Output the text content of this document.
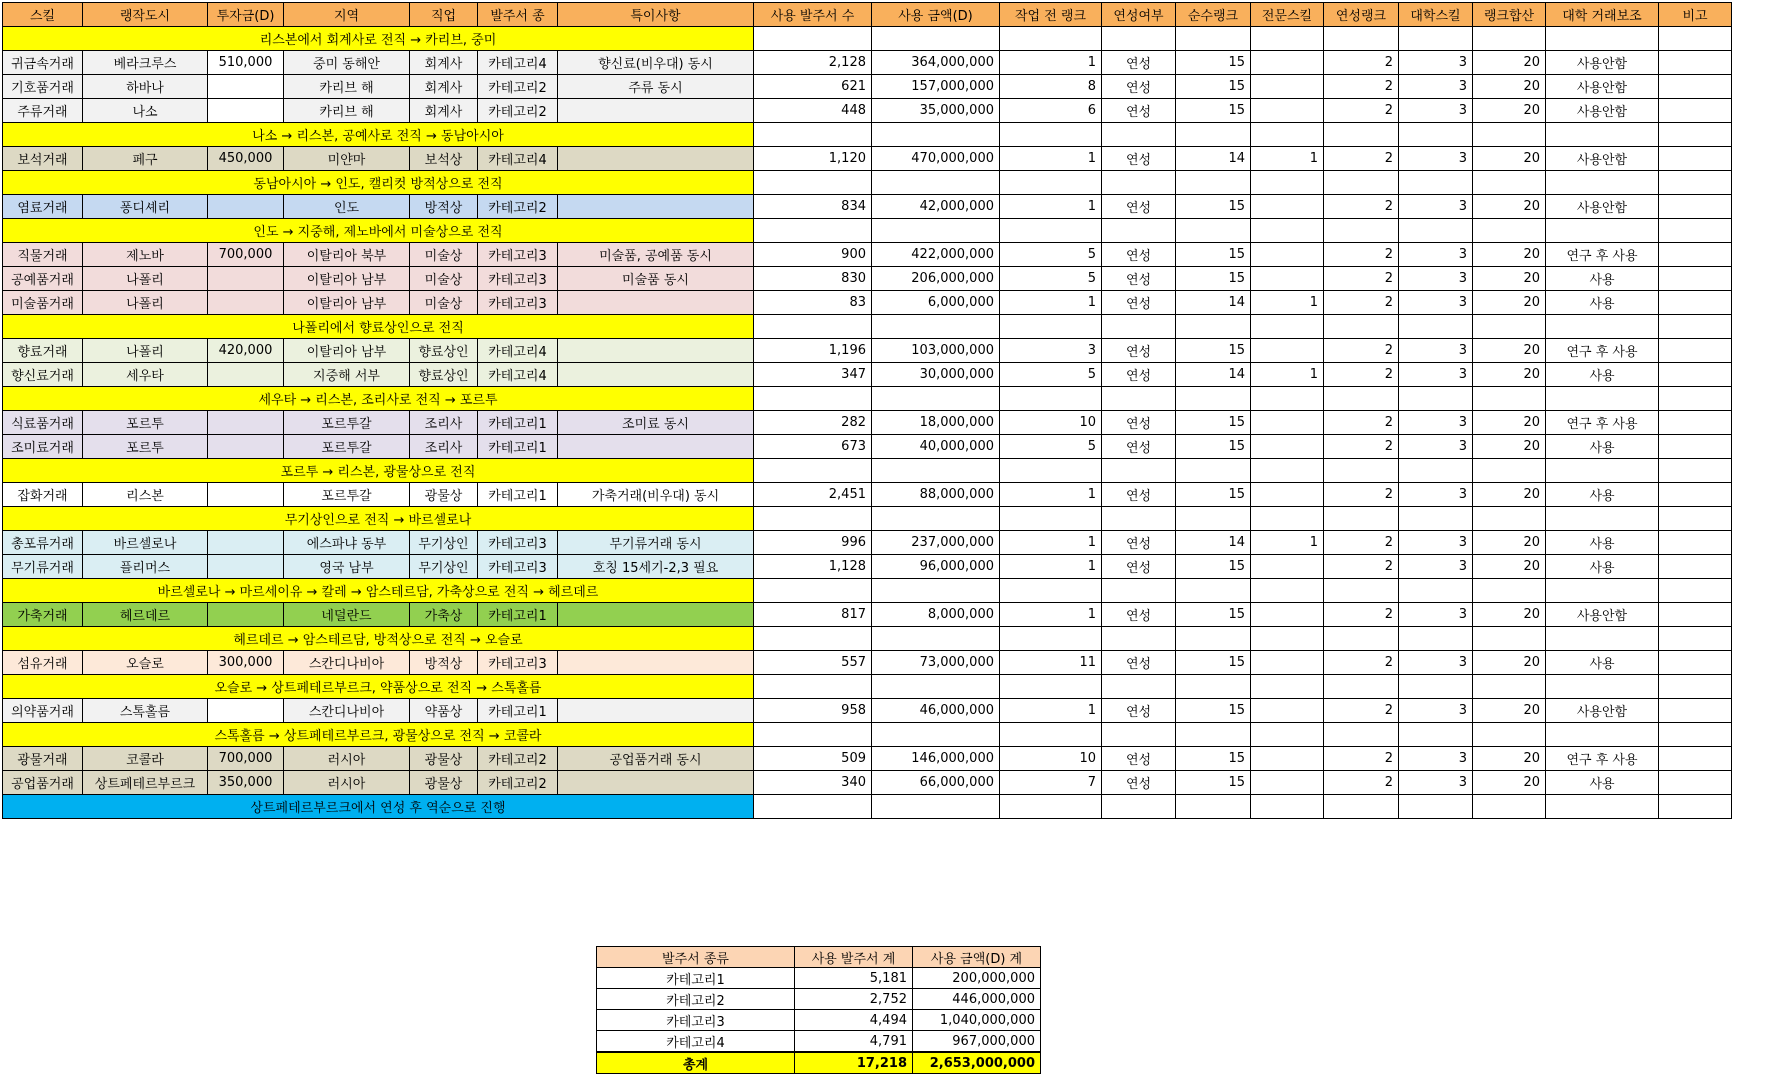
스킬	랭작도시	투자금(D)	지역	직업	발주서 종	특이사항	사용 발주서 수	사용 금액(D)	작업 전 랭크	연성여부	순수랭크	전문스킬	연성랭크	대학스킬	랭크합산	대학 거래보조	비고
리스본에서 회계사로 전직 → 카리브, 중미																	
귀금속거래	베라크루스	510,000	중미 동해안	회계사	카테고리4	향신료(비우대) 동시	2,128	364,000,000	1	연성	15		2	3	20	사용안함	
기호품거래	하바나		카리브 해	회계사	카테고리2	주류 동시	621	157,000,000	8	연성	15		2	3	20	사용안함	
주류거래	나소		카리브 해	회계사	카테고리2		448	35,000,000	6	연성	15		2	3	20	사용안함	
나소 → 리스본, 공예사로 전직 → 동남아시아																	
보석거래	페구	450,000	미얀마	보석상	카테고리4		1,120	470,000,000	1	연성	14	1	2	3	20	사용안함	
동남아시아 → 인도, 캘리컷 방적상으로 전직																	
염료거래	퐁디셰리		인도	방적상	카테고리2		834	42,000,000	1	연성	15		2	3	20	사용안함	
인도 → 지중해, 제노바에서 미술상으로 전직																	
직물거래	제노바	700,000	이탈리아 북부	미술상	카테고리3	미술품, 공예품 동시	900	422,000,000	5	연성	15		2	3	20	연구 후 사용	
공예품거래	나폴리		이탈리아 남부	미술상	카테고리3	미술품 동시	830	206,000,000	5	연성	15		2	3	20	사용	
미술품거래	나폴리		이탈리아 남부	미술상	카테고리3		83	6,000,000	1	연성	14	1	2	3	20	사용	
나폴리에서 향료상인으로 전직																	
향료거래	나폴리	420,000	이탈리아 남부	향료상인	카테고리4		1,196	103,000,000	3	연성	15		2	3	20	연구 후 사용	
향신료거래	세우타		지중해 서부	향료상인	카테고리4		347	30,000,000	5	연성	14	1	2	3	20	사용	
세우타 → 리스본, 조리사로 전직 → 포르투																	
식료품거래	포르투		포르투갈	조리사	카테고리1	조미료 동시	282	18,000,000	10	연성	15		2	3	20	연구 후 사용	
조미료거래	포르투		포르투갈	조리사	카테고리1		673	40,000,000	5	연성	15		2	3	20	사용	
포르투 → 리스본, 광물상으로 전직																	
잡화거래	리스본		포르투갈	광물상	카테고리1	가축거래(비우대) 동시	2,451	88,000,000	1	연성	15		2	3	20	사용	
무기상인으로 전직 → 바르셀로나																	
총포류거래	바르셀로나		에스파냐 동부	무기상인	카테고리3	무기류거래 동시	996	237,000,000	1	연성	14	1	2	3	20	사용	
무기류거래	플리머스		영국 남부	무기상인	카테고리3	호칭 15세기-2,3 필요	1,128	96,000,000	1	연성	15		2	3	20	사용	
바르셀로나 → 마르세이유 → 칼레 → 암스테르담, 가축상으로 전직 → 헤르데르																	
가축거래	헤르데르		네덜란드	가축상	카테고리1		817	8,000,000	1	연성	15		2	3	20	사용안함	
헤르데르 → 암스테르담, 방적상으로 전직 → 오슬로																	
섬유거래	오슬로	300,000	스칸디나비아	방적상	카테고리3		557	73,000,000	11	연성	15		2	3	20	사용	
오슬로 → 상트페테르부르크, 약품상으로 전직 → 스톡홀름																	
의약품거래	스톡홀름		스칸디나비아	약품상	카테고리1		958	46,000,000	1	연성	15		2	3	20	사용안함	
스톡홀름 → 상트페테르부르크, 광물상으로 전직 → 코콜라																	
광물거래	코콜라	700,000	러시아	광물상	카테고리2	공업품거래 동시	509	146,000,000	10	연성	15		2	3	20	연구 후 사용	
공업품거래	상트페테르부르크	350,000	러시아	광물상	카테고리2		340	66,000,000	7	연성	15		2	3	20	사용	
상트페테르부르크에서 연성 후 역순으로 진행																	
발주서 종류	사용 발주서 계	사용 금액(D) 계
카테고리1	5,181	200,000,000
카테고리2	2,752	446,000,000
카테고리3	4,494	1,040,000,000
카테고리4	4,791	967,000,000
총계	17,218	2,653,000,000
